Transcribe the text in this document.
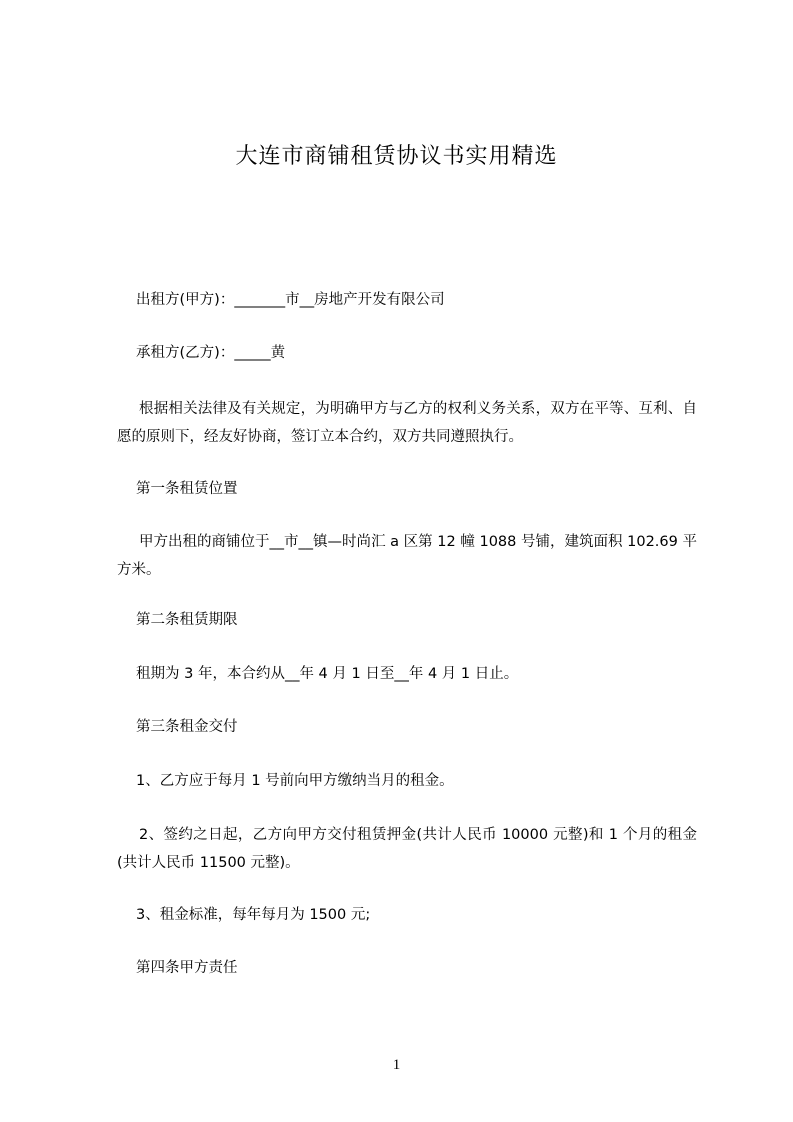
大连市商铺租赁协议书实用精选

出租方(甲方)：_______市__房地产开发有限公司

承租方(乙方)：_____黄

根据相关法律及有关规定，为明确甲方与乙方的权利义务关系，双方在平等、互利、自愿的原则下，经友好协商，签订立本合约，双方共同遵照执行。

第一条租赁位置

甲方出租的商铺位于__市__镇—时尚汇 a 区第 12 幢 1088 号铺，建筑面积 102.69 平方米。

第二条租赁期限

租期为 3 年，本合约从__年 4 月 1 日至__年 4 月 1 日止。

第三条租金交付

1、乙方应于每月 1 号前向甲方缴纳当月的租金。

2、签约之日起，乙方向甲方交付租赁押金(共计人民币 10000 元整)和 1 个月的租金(共计人民币 11500 元整)。

3、租金标准，每年每月为 1500 元;

第四条甲方责任

1
